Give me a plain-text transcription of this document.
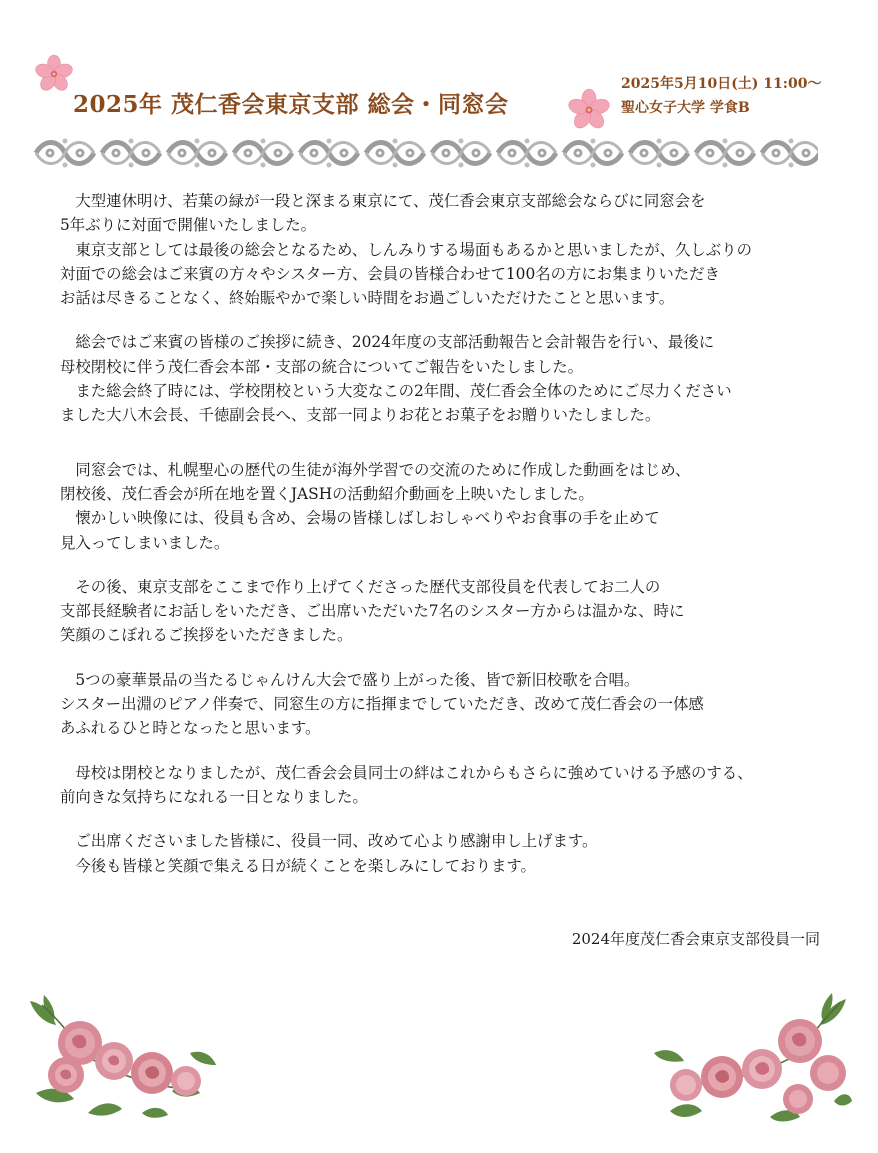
2025年 茂仁香会東京支部 総会・同窓会
2025年5月10日(土) 11:00～
聖心女子大学 学食B

　大型連休明け、若葉の緑が一段と深まる東京にて、茂仁香会東京支部総会ならびに同窓会を

5年ぶりに対面で開催いたしました。

　東京支部としては最後の総会となるため、しんみりする場面もあるかと思いましたが、久しぶりの

対面での総会はご来賓の方々やシスター方、会員の皆様合わせて100名の方にお集まりいただき

お話は尽きることなく、終始賑やかで楽しい時間をお過ごしいただけたことと思います。

　総会ではご来賓の皆様のご挨拶に続き、2024年度の支部活動報告と会計報告を行い、最後に

母校閉校に伴う茂仁香会本部・支部の統合についてご報告をいたしました。

　また総会終了時には、学校閉校という大変なこの2年間、茂仁香会全体のためにご尽力ください

ました大八木会長、千徳副会長へ、支部一同よりお花とお菓子をお贈りいたしました。

　同窓会では、札幌聖心の歴代の生徒が海外学習での交流のために作成した動画をはじめ、

閉校後、茂仁香会が所在地を置くJASHの活動紹介動画を上映いたしました。

　懐かしい映像には、役員も含め、会場の皆様しばしおしゃべりやお食事の手を止めて

見入ってしまいました。

　その後、東京支部をここまで作り上げてくださった歴代支部役員を代表してお二人の

支部長経験者にお話しをいただき、ご出席いただいた7名のシスター方からは温かな、時に

笑顔のこぼれるご挨拶をいただきました。

　5つの豪華景品の当たるじゃんけん大会で盛り上がった後、皆で新旧校歌を合唱。

シスター出淵のピアノ伴奏で、同窓生の方に指揮までしていただき、改めて茂仁香会の一体感

あふれるひと時となったと思います。

　母校は閉校となりましたが、茂仁香会会員同士の絆はこれからもさらに強めていける予感のする、

前向きな気持ちになれる一日となりました。

　ご出席くださいました皆様に、役員一同、改めて心より感謝申し上げます。

　今後も皆様と笑顔で集える日が続くことを楽しみにしております。

2024年度茂仁香会東京支部役員一同
